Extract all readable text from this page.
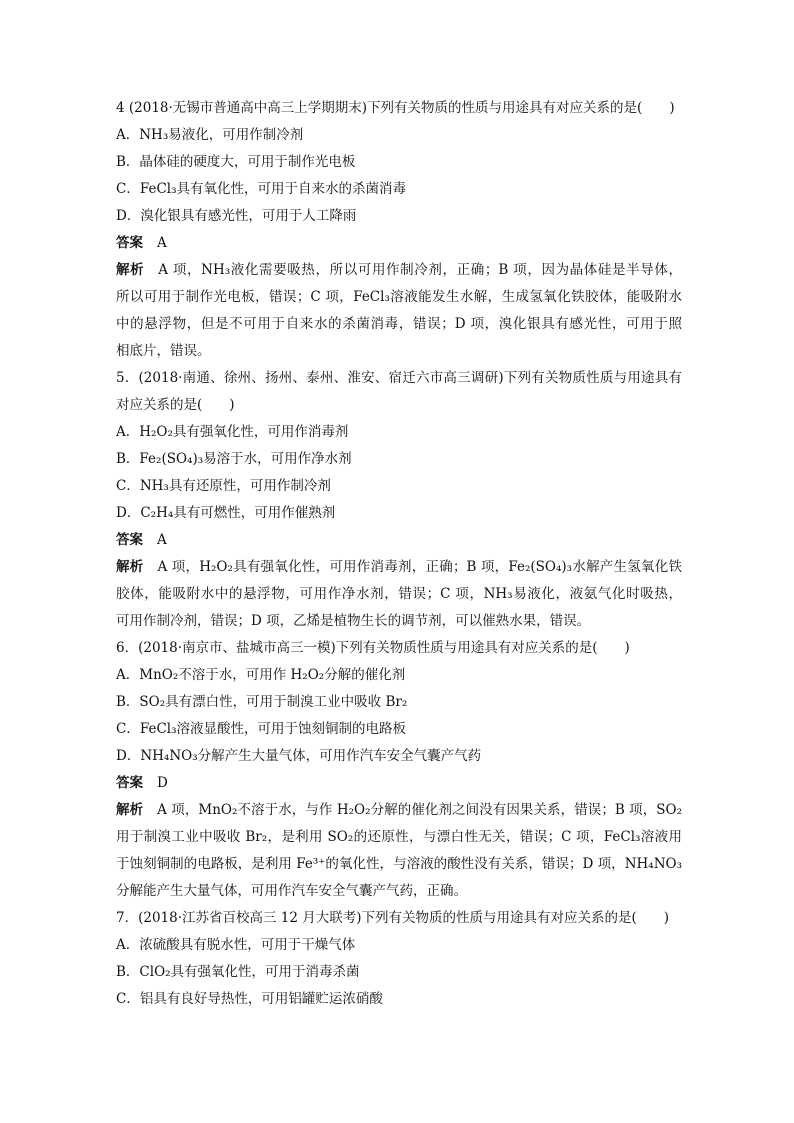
4 (2018·无锡市普通高中高三上学期期末)下列有关物质的性质与用途具有对应关系的是(　　)
A．NH₃易液化，可用作制冷剂
B．晶体硅的硬度大，可用于制作光电板
C．FeCl₃具有氧化性，可用于自来水的杀菌消毒
D．溴化银具有感光性，可用于人工降雨
答案 A
解析 A 项，NH₃液化需要吸热，所以可用作制冷剂，正确；B 项，因为晶体硅是半导体，
所以可用于制作光电板，错误；C 项，FeCl₃溶液能发生水解，生成氢氧化铁胶体，能吸附水
中的悬浮物，但是不可用于自来水的杀菌消毒，错误；D 项，溴化银具有感光性，可用于照
相底片，错误。
5．(2018·南通、徐州、扬州、泰州、淮安、宿迁六市高三调研)下列有关物质性质与用途具有
对应关系的是(　　)
A．H₂O₂具有强氧化性，可用作消毒剂
B．Fe₂(SO₄)₃易溶于水，可用作净水剂
C．NH₃具有还原性，可用作制冷剂
D．C₂H₄具有可燃性，可用作催熟剂
答案 A
解析 A 项，H₂O₂具有强氧化性，可用作消毒剂，正确；B 项，Fe₂(SO₄)₃水解产生氢氧化铁
胶体，能吸附水中的悬浮物，可用作净水剂，错误；C 项，NH₃易液化，液氨气化时吸热，
可用作制冷剂，错误；D 项，乙烯是植物生长的调节剂，可以催熟水果，错误。
6．(2018·南京市、盐城市高三一模)下列有关物质性质与用途具有对应关系的是(　　)
A．MnO₂不溶于水，可用作 H₂O₂分解的催化剂
B．SO₂具有漂白性，可用于制溴工业中吸收 Br₂
C．FeCl₃溶液显酸性，可用于蚀刻铜制的电路板
D．NH₄NO₃分解产生大量气体，可用作汽车安全气囊产气药
答案 D
解析 A 项，MnO₂不溶于水，与作 H₂O₂分解的催化剂之间没有因果关系，错误；B 项，SO₂
用于制溴工业中吸收 Br₂，是利用 SO₂的还原性，与漂白性无关，错误；C 项，FeCl₃溶液用
于蚀刻铜制的电路板，是利用 Fe³⁺的氧化性，与溶液的酸性没有关系，错误；D 项，NH₄NO₃
分解能产生大量气体，可用作汽车安全气囊产气药，正确。
7．(2018·江苏省百校高三 12 月大联考)下列有关物质的性质与用途具有对应关系的是(　　)
A．浓硫酸具有脱水性，可用于干燥气体
B．ClO₂具有强氧化性，可用于消毒杀菌
C．铝具有良好导热性，可用铝罐贮运浓硝酸
